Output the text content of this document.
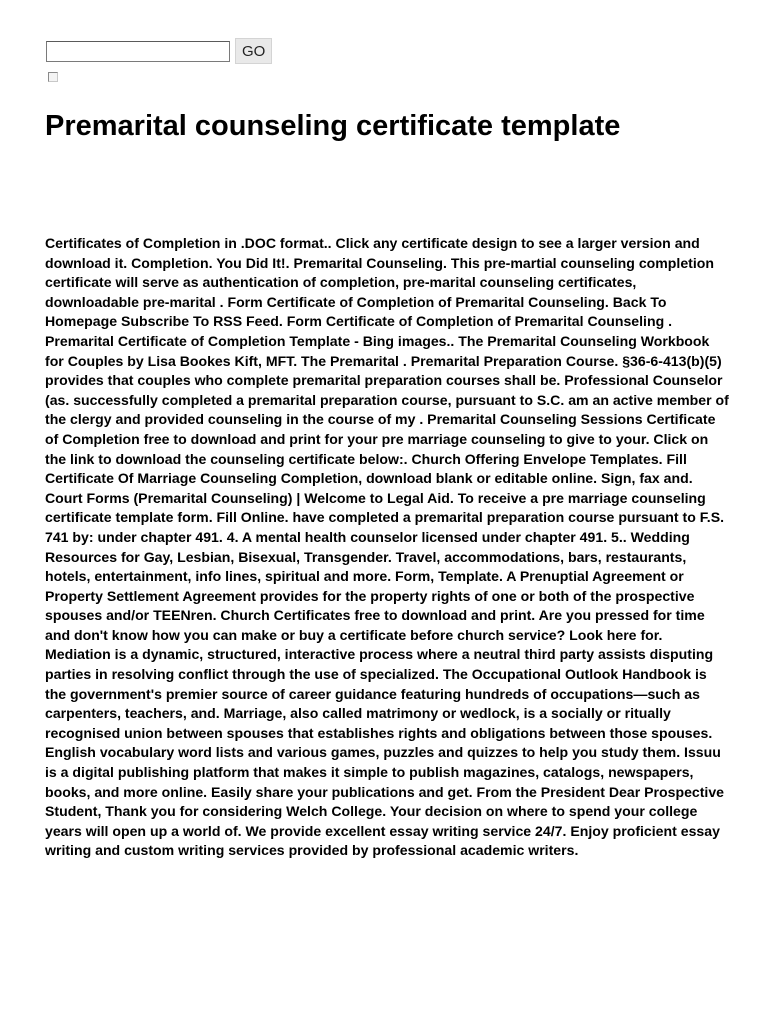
GO
Premarital counseling certificate template

Certificates of Completion in .DOC format.. Click any certificate design to see a larger version and download it. Completion. You Did It!. Premarital Counseling. This pre-martial counseling completion certificate will serve as authentication of completion, pre-marital counseling certificates, downloadable pre-marital . Form Certificate of Completion of Premarital Counseling. Back To Homepage Subscribe To RSS Feed. Form Certificate of Completion of Premarital Counseling . Premarital Certificate of Completion Template - Bing images.. The Premarital Counseling Workbook for Couples by Lisa Bookes Kift, MFT. The Premarital . Premarital Preparation Course. §36-6-413(b)(5) provides that couples who complete premarital preparation courses shall be. Professional Counselor (as. successfully completed a premarital preparation course, pursuant to S.C. am an active member of the clergy and provided counseling in the course of my . Premarital Counseling Sessions Certificate of Completion free to download and print for your pre marriage counseling to give to your. Click on the link to download the counseling certificate below:. Church Offering Envelope Templates. Fill Certificate Of Marriage Counseling Completion, download blank or editable online. Sign, fax and. Court Forms (Premarital Counseling) | Welcome to Legal Aid. To receive a pre marriage counseling certificate template form. Fill Online. have completed a premarital preparation course pursuant to F.S. 741 by: under chapter 491. 4. A mental health counselor licensed under chapter 491. 5.. Wedding Resources for Gay, Lesbian, Bisexual, Transgender. Travel, accommodations, bars, restaurants, hotels, entertainment, info lines, spiritual and more. Form, Template. A Prenuptial Agreement or Property Settlement Agreement provides for the property rights of one or both of the prospective spouses and/or TEENren. Church Certificates free to download and print. Are you pressed for time and don't know how you can make or buy a certificate before church service? Look here for. Mediation is a dynamic, structured, interactive process where a neutral third party assists disputing parties in resolving conflict through the use of specialized. The Occupational Outlook Handbook is the government's premier source of career guidance featuring hundreds of occupations—such as carpenters, teachers, and. Marriage, also called matrimony or wedlock, is a socially or ritually recognised union between spouses that establishes rights and obligations between those spouses. English vocabulary word lists and various games, puzzles and quizzes to help you study them. Issuu is a digital publishing platform that makes it simple to publish magazines, catalogs, newspapers, books, and more online. Easily share your publications and get. From the President Dear Prospective Student, Thank you for considering Welch College. Your decision on where to spend your college years will open up a world of. We provide excellent essay writing service 24/7. Enjoy proficient essay writing and custom writing services provided by professional academic writers.
